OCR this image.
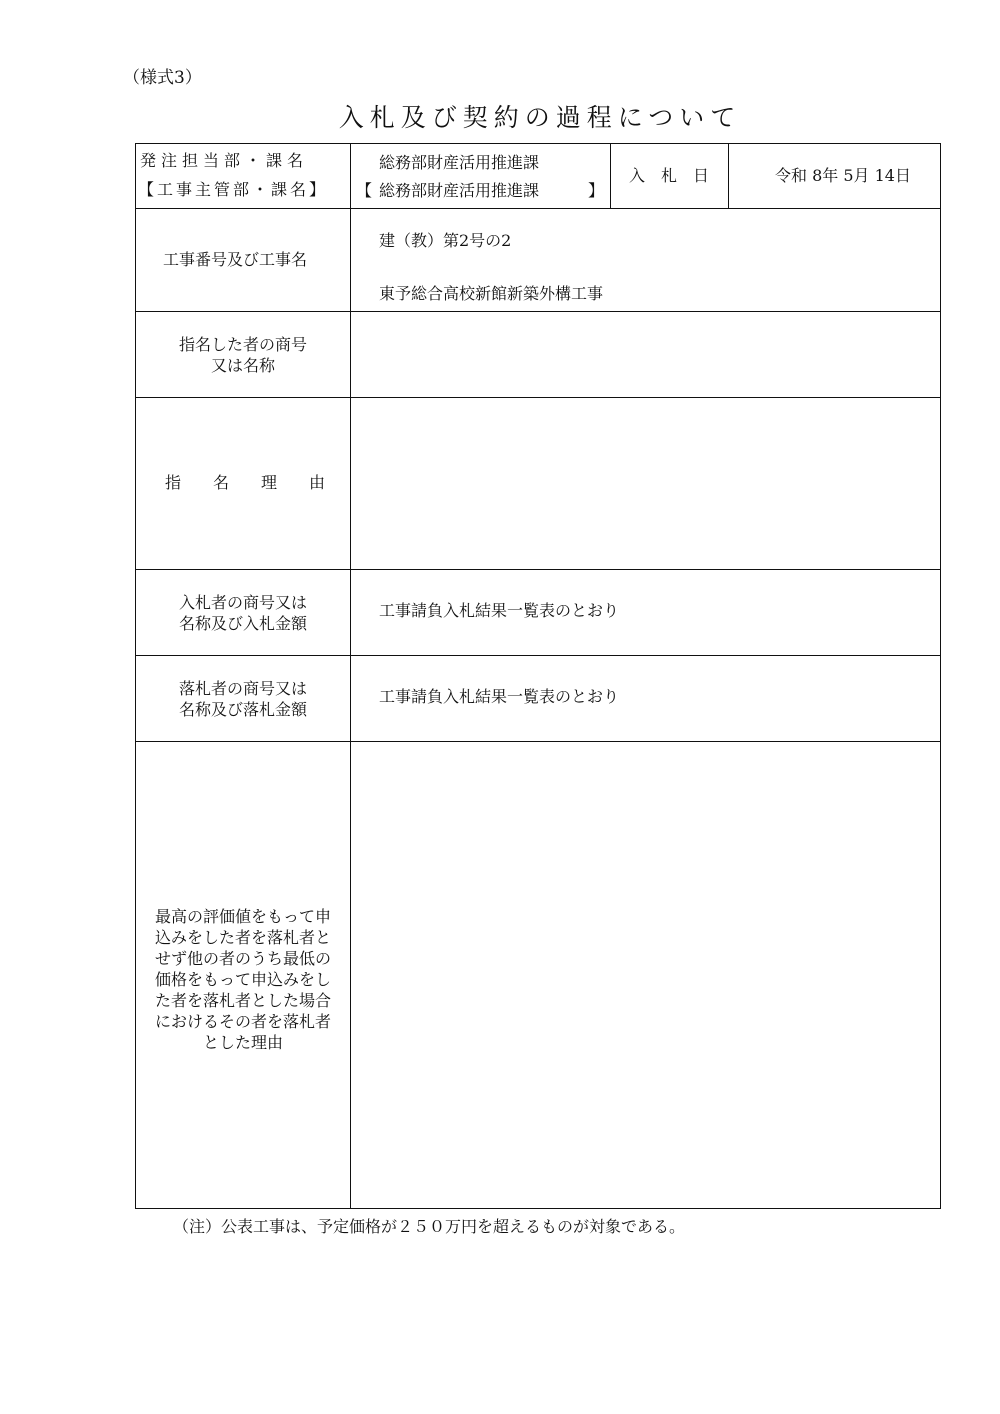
（様式3）
入札及び契約の過程について
発注担当部・課名
【工事主管部・課名】
総務部財産活用推進課
【 総務部財産活用推進課	】
入　札　日	令和 8年 5月 14日
工事番号及び工事名
建（教）第2号の2
東予総合高校新館新築外構工事
指名した者の商号
又は名称
指　　名　　理　　由
入札者の商号又は
名称及び入札金額
工事請負入札結果一覧表のとおり
落札者の商号又は
名称及び落札金額
工事請負入札結果一覧表のとおり
最高の評価値をもって申
込みをした者を落札者と
せず他の者のうち最低の
価格をもって申込みをし
た者を落札者とした場合
におけるその者を落札者
とした理由
（注）公表工事は、予定価格が２５０万円を超えるものが対象である。
